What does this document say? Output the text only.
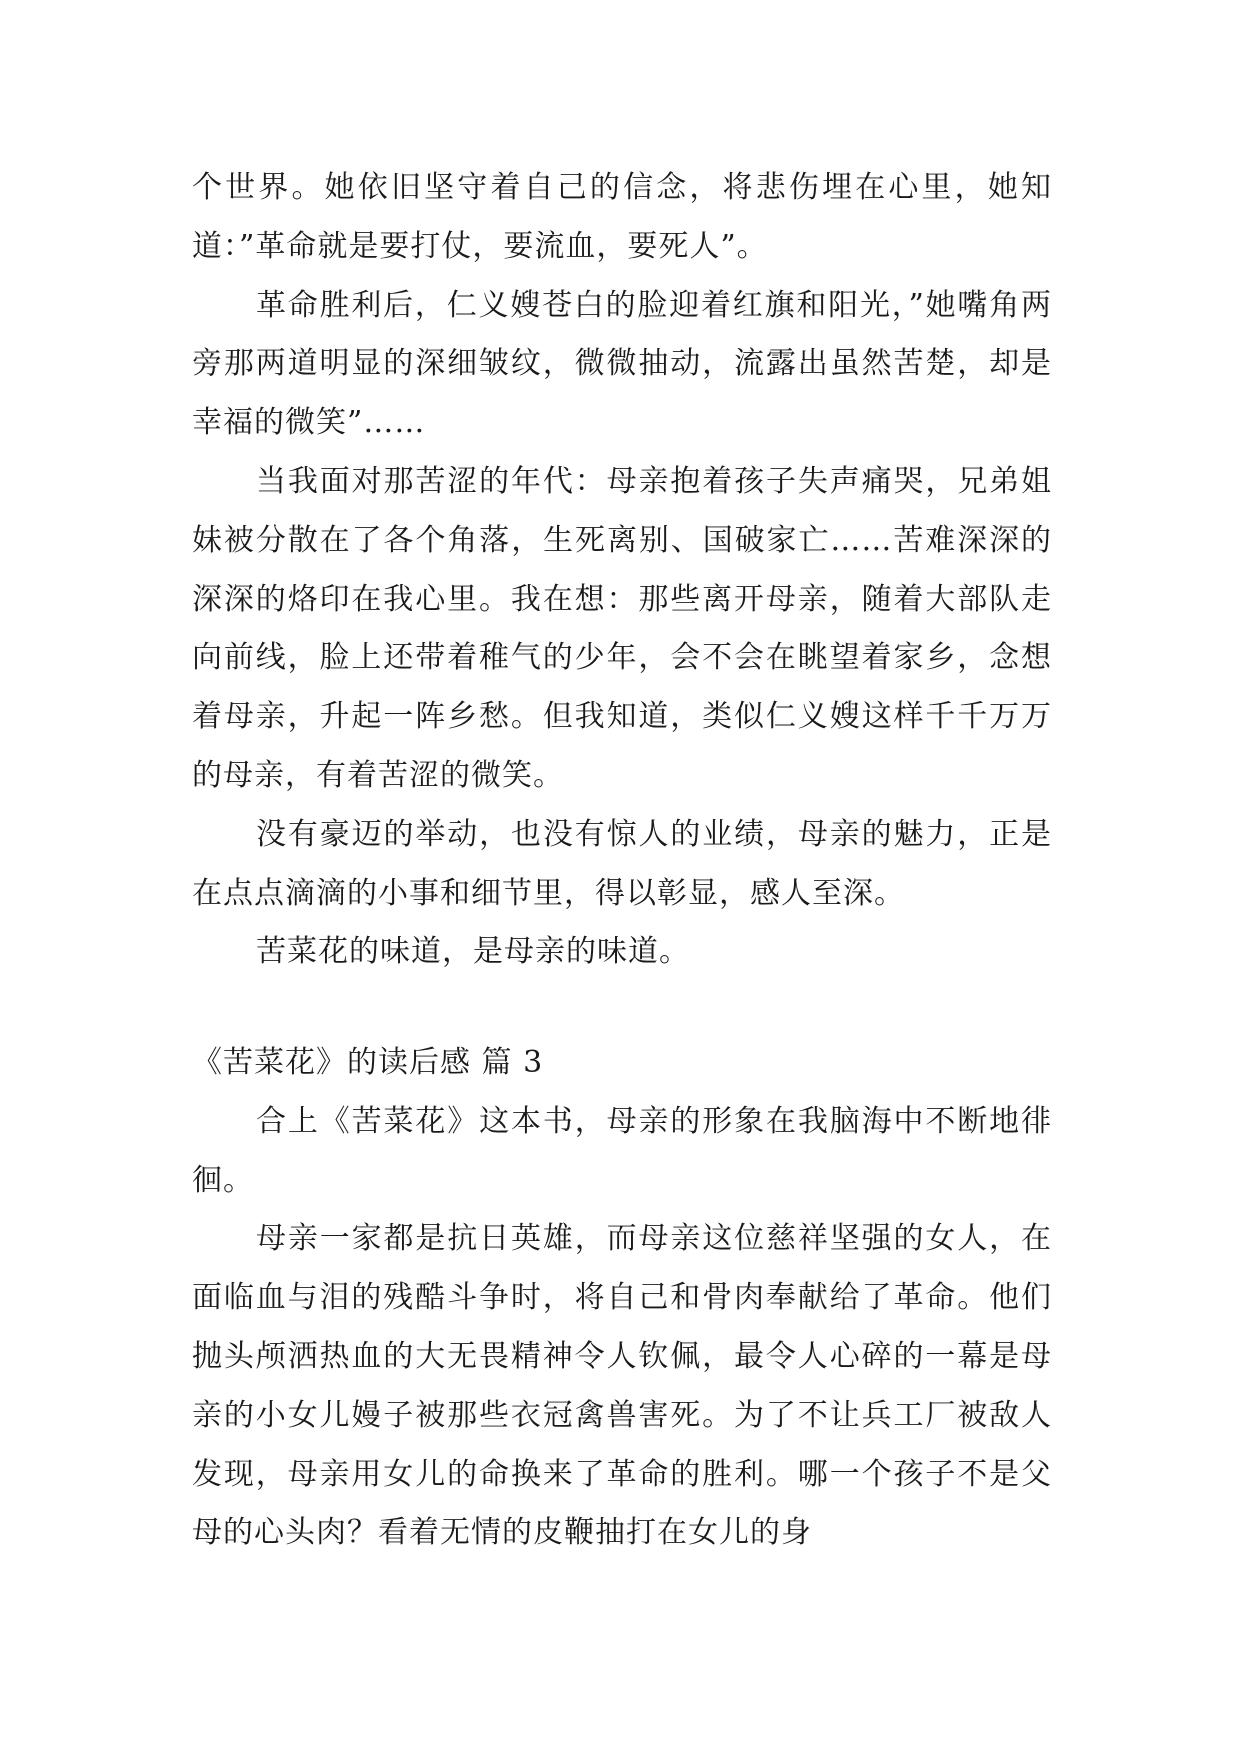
个世界。她依旧坚守着自己的信念，将悲伤埋在心里，她知道：”革命就是要打仗，要流血，要死人”。

革命胜利后，仁义嫂苍白的脸迎着红旗和阳光，”她嘴角两旁那两道明显的深细皱纹，微微抽动，流露出虽然苦楚，却是幸福的微笑”……

当我面对那苦涩的年代：母亲抱着孩子失声痛哭，兄弟姐妹被分散在了各个角落，生死离别、国破家亡……苦难深深的深深的烙印在我心里。我在想：那些离开母亲，随着大部队走向前线，脸上还带着稚气的少年，会不会在眺望着家乡，念想着母亲，升起一阵乡愁。但我知道，类似仁义嫂这样千千万万的母亲，有着苦涩的微笑。

没有豪迈的举动，也没有惊人的业绩，母亲的魅力，正是在点点滴滴的小事和细节里，得以彰显，感人至深。

苦菜花的味道，是母亲的味道。

《苦菜花》的读后感 篇 3

合上《苦菜花》这本书，母亲的形象在我脑海中不断地徘徊。

母亲一家都是抗日英雄，而母亲这位慈祥坚强的女人，在面临血与泪的残酷斗争时，将自己和骨肉奉献给了革命。他们抛头颅洒热血的大无畏精神令人钦佩，最令人心碎的一幕是母亲的小女儿嫚子被那些衣冠禽兽害死。为了不让兵工厂被敌人发现，母亲用女儿的命换来了革命的胜利。哪一个孩子不是父母的心头肉？看着无情的皮鞭抽打在女儿的身
